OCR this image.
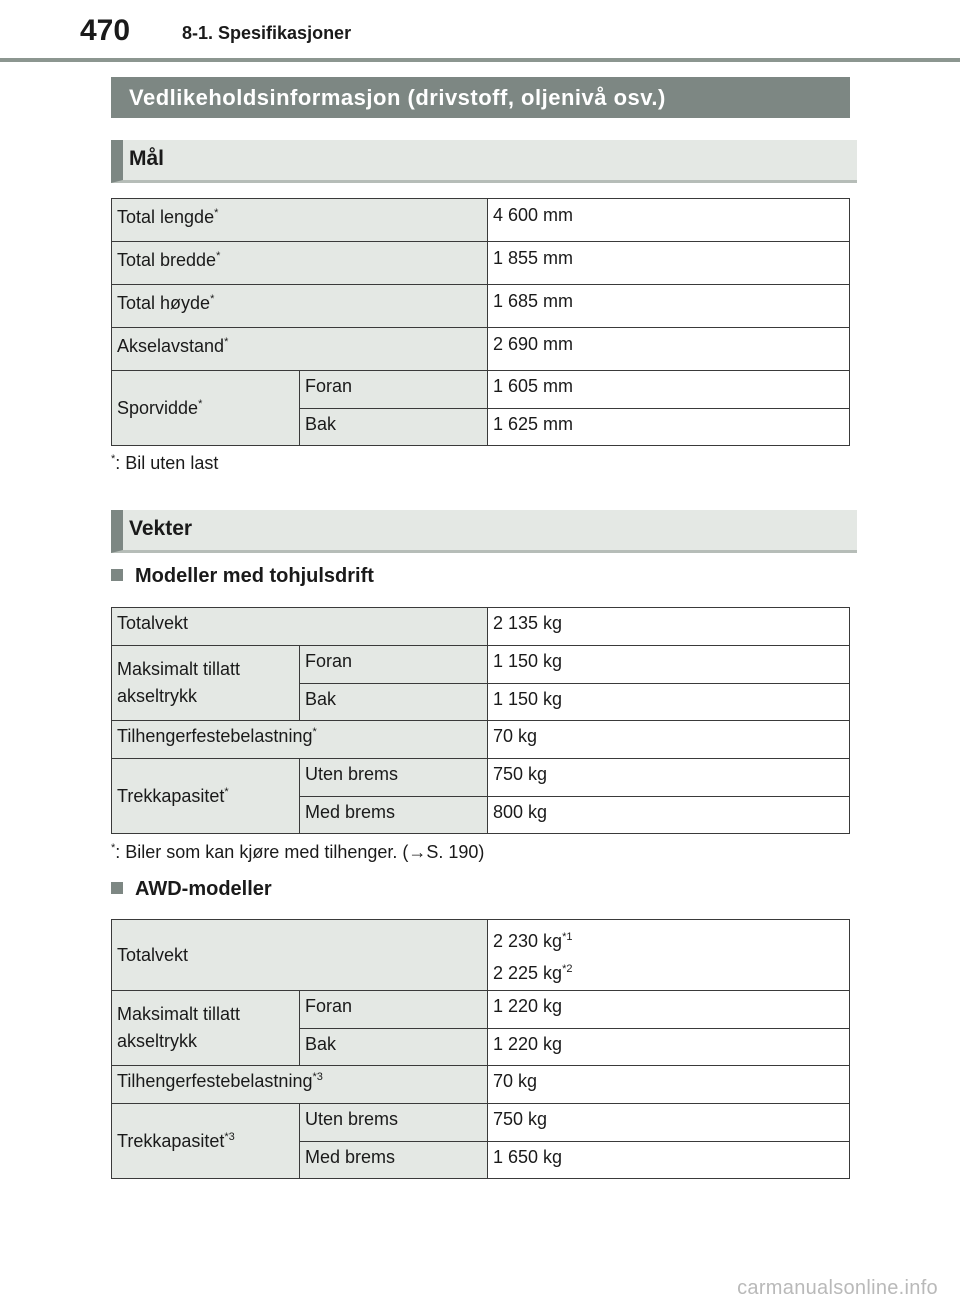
470	8-1. Spesifikasjoner
Vedlikeholdsinformasjon (drivstoff, oljenivå osv.)
Mål
Total lengde*		4 600 mm
Total bredde*		1 855 mm
Total høyde*		1 685 mm
Akselavstand*		2 690 mm
Sporvidde*	Foran	1 605 mm
	Bak	1 625 mm
*: Bil uten last
Vekter
Modeller med tohjulsdrift
Totalvekt		2 135 kg
Maksimalt tillatt akseltrykk	Foran	1 150 kg
	Bak	1 150 kg
Tilhengerfestebelastning*		70 kg
Trekkapasitet*	Uten brems	750 kg
	Med brems	800 kg
*: Biler som kan kjøre med tilhenger. (→S. 190)
AWD-modeller
Totalvekt		2 230 $kg^{*1}$
2 225 $kg^{*2}$

Maksimalt tillatt akseltrykk	Foran	1 220 kg
	Bak	1 220 kg
Tilhengerfestebelastning$^{*3}$		70 kg
Trekkapasitet$^{*3}$	Uten brems	750 kg
	Med brems	1 650 kg
carmanualsonline.info
